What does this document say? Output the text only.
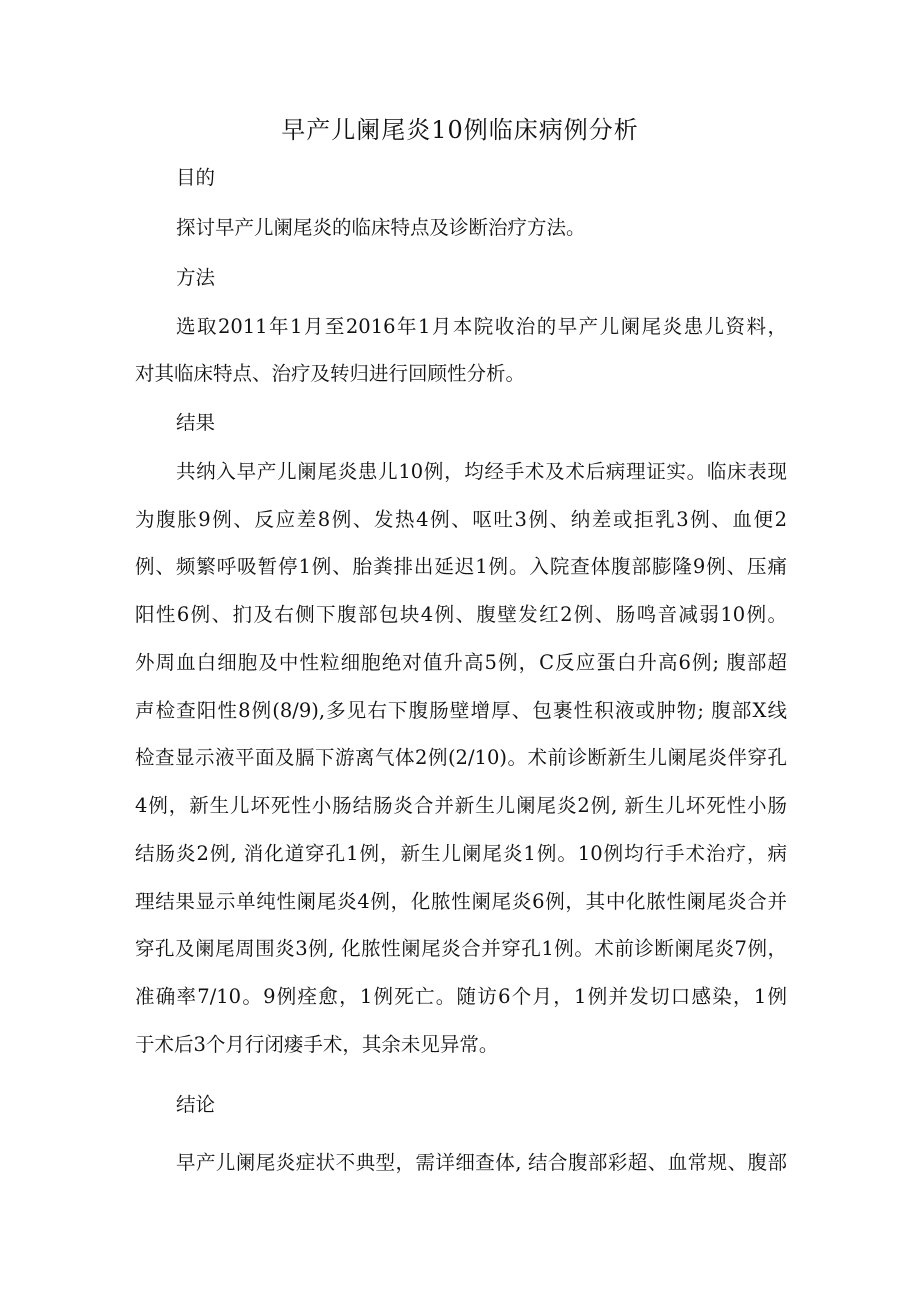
早产儿阑尾炎10例临床病例分析
目的
探讨早产儿阑尾炎的临床特点及诊断治疗方法。
方法
选取2011年1月至2016年1月本院收治的早产儿阑尾炎患儿资料，
对其临床特点、治疗及转归进行回顾性分析。
结果
共纳入早产儿阑尾炎患儿10例，均经手术及术后病理证实。临床表现
为腹胀9例、反应差8例、发热4例、呕吐3例、纳差或拒乳3例、血便2
例、频繁呼吸暂停1例、胎粪排出延迟1例。入院查体腹部膨隆9例、压痛
阳性6例、扪及右侧下腹部包块4例、腹壁发红2例、肠鸣音减弱10例。
外周血白细胞及中性粒细胞绝对值升高5例，C反应蛋白升高6例; 腹部超
声检查阳性8例(8/9),多见右下腹肠壁增厚、包裹性积液或肿物; 腹部X线
检查显示液平面及膈下游离气体2例(2/10)。术前诊断新生儿阑尾炎伴穿孔
4例，新生儿坏死性小肠结肠炎合并新生儿阑尾炎2例, 新生儿坏死性小肠
结肠炎2例, 消化道穿孔1例，新生儿阑尾炎1例。10例均行手术治疗，病
理结果显示单纯性阑尾炎4例，化脓性阑尾炎6例，其中化脓性阑尾炎合并
穿孔及阑尾周围炎3例, 化脓性阑尾炎合并穿孔1例。术前诊断阑尾炎7例，
准确率7/10。9例痊愈，1例死亡。随访6个月，1例并发切口感染，1例
于术后3个月行闭瘘手术，其余未见异常。
结论
早产儿阑尾炎症状不典型，需详细查体, 结合腹部彩超、血常规、腹部
